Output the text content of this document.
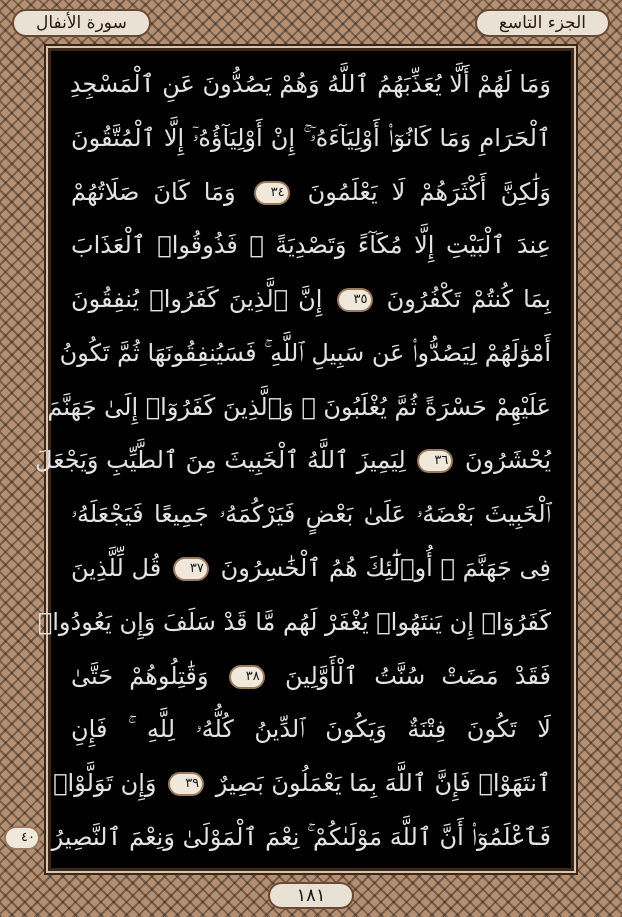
سورة الأنفال	الجزء التاسع
وَمَا لَهُمْ أَلَّا يُعَذِّبَهُمُ ٱللَّهُ وَهُمْ يَصُدُّونَ عَنِ ٱلْمَسْجِدِ
ٱلْحَرَامِ وَمَا كَانُوٓا۟ أَوْلِيَآءَهُۥٓ ۚ إِنْ أَوْلِيَآؤُهُۥٓ إِلَّا ٱلْمُتَّقُونَ
وَلَٰكِنَّ أَكْثَرَهُمْ لَا يَعْلَمُونَ ٣٤ وَمَا كَانَ صَلَاتُهُمْ
عِندَ ٱلْبَيْتِ إِلَّا مُكَآءً وَتَصْدِيَةً ۚ فَذُوقُوا۟ ٱلْعَذَابَ
بِمَا كُنتُمْ تَكْفُرُونَ ٣٥ إِنَّ ٱلَّذِينَ كَفَرُوا۟ يُنفِقُونَ
أَمْوَٰلَهُمْ لِيَصُدُّوا۟ عَن سَبِيلِ ٱللَّهِ ۚ فَسَيُنفِقُونَهَا ثُمَّ تَكُونُ
عَلَيْهِمْ حَسْرَةً ثُمَّ يُغْلَبُونَ ۗ وَٱلَّذِينَ كَفَرُوٓا۟ إِلَىٰ جَهَنَّمَ
يُحْشَرُونَ ٣٦ لِيَمِيزَ ٱللَّهُ ٱلْخَبِيثَ مِنَ ٱلطَّيِّبِ وَيَجْعَلَ
ٱلْخَبِيثَ بَعْضَهُۥ عَلَىٰ بَعْضٍ فَيَرْكُمَهُۥ جَمِيعًا فَيَجْعَلَهُۥ
فِى جَهَنَّمَ ۚ أُو۟لَٰٓئِكَ هُمُ ٱلْخَٰسِرُونَ ٣٧ قُل لِّلَّذِينَ
كَفَرُوٓا۟ إِن يَنتَهُوا۟ يُغْفَرْ لَهُم مَّا قَدْ سَلَفَ وَإِن يَعُودُوا۟
فَقَدْ مَضَتْ سُنَّتُ ٱلْأَوَّلِينَ ٣٨ وَقَٰتِلُوهُمْ حَتَّىٰ
لَا تَكُونَ فِتْنَةٌ وَيَكُونَ ٱلدِّينُ كُلُّهُۥ لِلَّهِ ۚ فَإِنِ
ٱنتَهَوْا۟ فَإِنَّ ٱللَّهَ بِمَا يَعْمَلُونَ بَصِيرٌ ٣٩ وَإِن تَوَلَّوْا۟
فَٱعْلَمُوٓا۟ أَنَّ ٱللَّهَ مَوْلَىٰكُمْ ۚ نِعْمَ ٱلْمَوْلَىٰ وَنِعْمَ ٱلنَّصِيرُ ٤٠
١٨١
